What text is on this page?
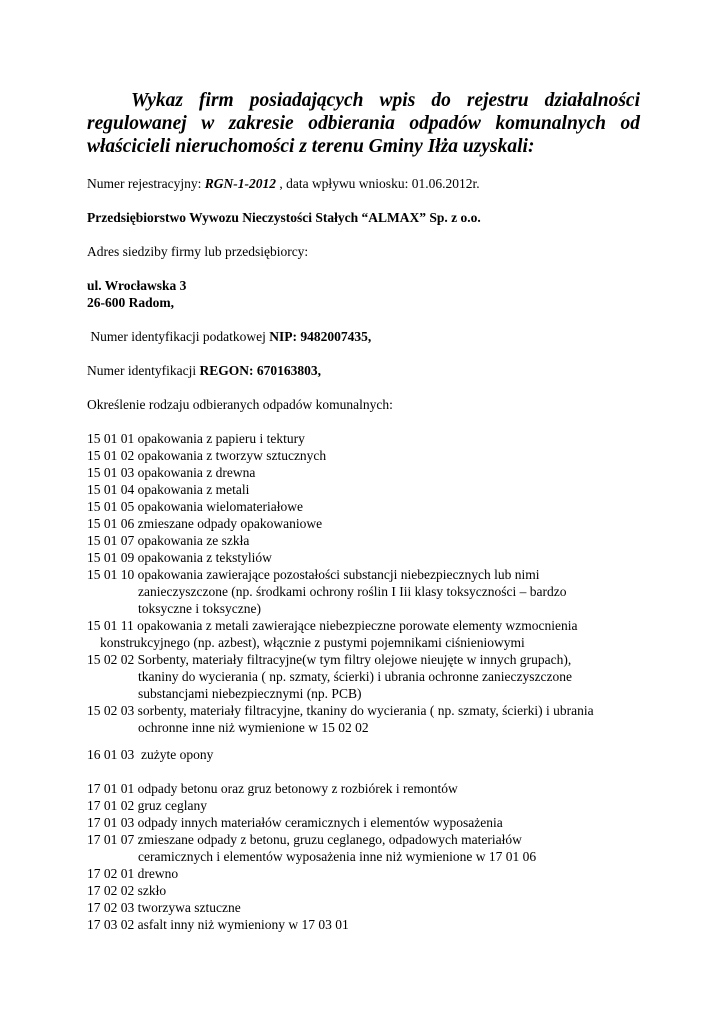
Wykaz firm posiadających wpis do rejestru działalności regulowanej w zakresie odbierania odpadów komunalnych od właścicieli nieruchomości z terenu Gminy Iłża uzyskali:
Numer rejestracyjny: RGN-1-2012 , data wpływu wniosku: 01.06.2012r.
Przedsiębiorstwo Wywozu Nieczystości Stałych “ALMAX” Sp. z o.o.
Adres siedziby firmy lub przedsiębiorcy:
ul. Wrocławska 3
26-600 Radom,
Numer identyfikacji podatkowej NIP: 9482007435,
Numer identyfikacji REGON: 670163803,
Określenie rodzaju odbieranych odpadów komunalnych:
15 01 01 opakowania z papieru i tektury
15 01 02 opakowania z tworzyw sztucznych
15 01 03 opakowania z drewna
15 01 04 opakowania z metali
15 01 05 opakowania wielomateriałowe
15 01 06 zmieszane odpady opakowaniowe
15 01 07 opakowania ze szkła
15 01 09 opakowania z tekstyliów
15 01 10 opakowania zawierające pozostałości substancji niebezpiecznych lub nimi
zanieczyszczone (np. środkami ochrony roślin I Iii klasy toksyczności – bardzo
toksyczne i toksyczne)
15 01 11 opakowania z metali zawierające niebezpieczne porowate elementy wzmocnienia
konstrukcyjnego (np. azbest), włącznie z pustymi pojemnikami ciśnieniowymi
15 02 02 Sorbenty, materiały filtracyjne(w tym filtry olejowe nieujęte w innych grupach),
tkaniny do wycierania ( np. szmaty, ścierki) i ubrania ochronne zanieczyszczone
substancjami niebezpiecznymi (np. PCB)
15 02 03 sorbenty, materiały filtracyjne, tkaniny do wycierania ( np. szmaty, ścierki) i ubrania
ochronne inne niż wymienione w 15 02 02
16 01 03  zużyte opony
17 01 01 odpady betonu oraz gruz betonowy z rozbiórek i remontów
17 01 02 gruz ceglany
17 01 03 odpady innych materiałów ceramicznych i elementów wyposażenia
17 01 07 zmieszane odpady z betonu, gruzu ceglanego, odpadowych materiałów
ceramicznych i elementów wyposażenia inne niż wymienione w 17 01 06
17 02 01 drewno
17 02 02 szkło
17 02 03 tworzywa sztuczne
17 03 02 asfalt inny niż wymieniony w 17 03 01
